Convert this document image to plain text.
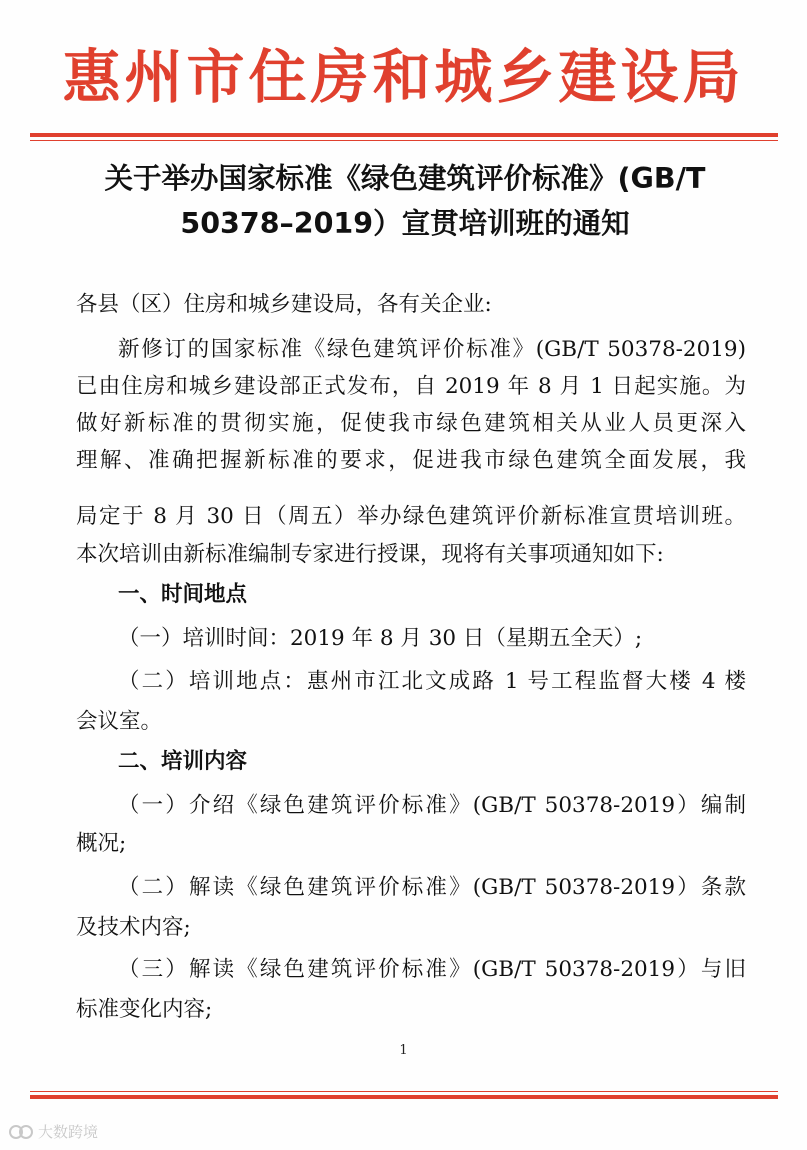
惠州市住房和城乡建设局
关于举办国家标准《绿色建筑评价标准》(GB/T
50378–2019）宣贯培训班的通知
各县（区）住房和城乡建设局，各有关企业:
新修订的国家标准《绿色建筑评价标准》(GB/T 50378-2019)
已由住房和城乡建设部正式发布，自 2019 年 8 月 1 日起实施。为
做好新标准的贯彻实施，促使我市绿色建筑相关从业人员更深入
理解、准确把握新标准的要求，促进我市绿色建筑全面发展，我
局定于 8 月 30 日（周五）举办绿色建筑评价新标准宣贯培训班。
本次培训由新标准编制专家进行授课，现将有关事项通知如下:
一、时间地点
（一）培训时间：2019 年 8 月 30 日（星期五全天）;
（二）培训地点：惠州市江北文成路 1 号工程监督大楼 4 楼
会议室。
二、培训内容
（一）介绍《绿色建筑评价标准》(GB/T 50378-2019）编制
概况;
（二）解读《绿色建筑评价标准》(GB/T 50378-2019）条款
及技术内容;
（三）解读《绿色建筑评价标准》(GB/T 50378-2019）与旧
标准变化内容;
1
大数跨境
